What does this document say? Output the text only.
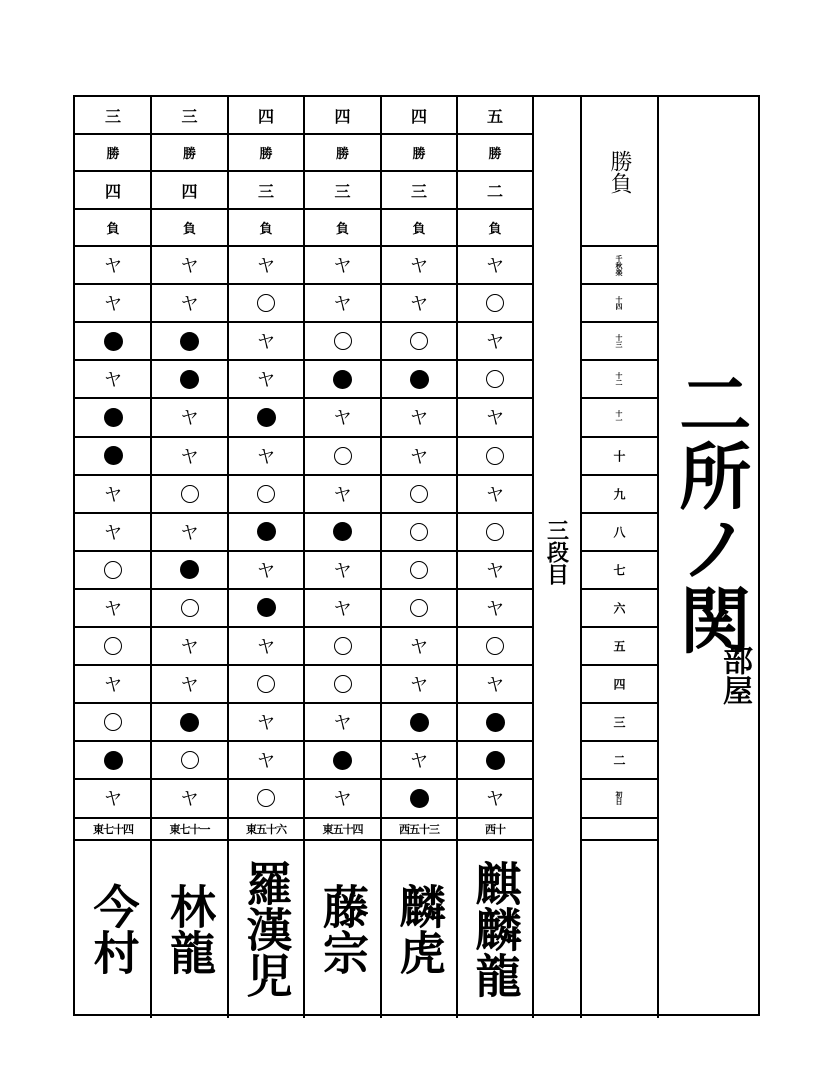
三
勝
四
負
ヤ
ヤ
ヤ
ヤ
ヤ
ヤ
ヤ
ヤ
東七十四
今村
三
勝
四
負
ヤ
ヤ
ヤ
ヤ
ヤ
ヤ
ヤ
ヤ
東七十一
林龍
四
勝
三
負
ヤ
ヤ
ヤ
ヤ
ヤ
ヤ
ヤ
ヤ
東五十六
羅漢児
四
勝
三
負
ヤ
ヤ
ヤ
ヤ
ヤ
ヤ
ヤ
ヤ
東五十四
藤宗
四
勝
三
負
ヤ
ヤ
ヤ
ヤ
ヤ
ヤ
ヤ
西五十三
麟虎
五
勝
二
負
ヤ
ヤ
ヤ
ヤ
ヤ
ヤ
ヤ
ヤ
西十
麒麟龍
三段目
勝負
千秋楽
十四
十三
十二
十一
十
九
八
七
六
五
四
三
二
初日
二所ノ関
部屋
